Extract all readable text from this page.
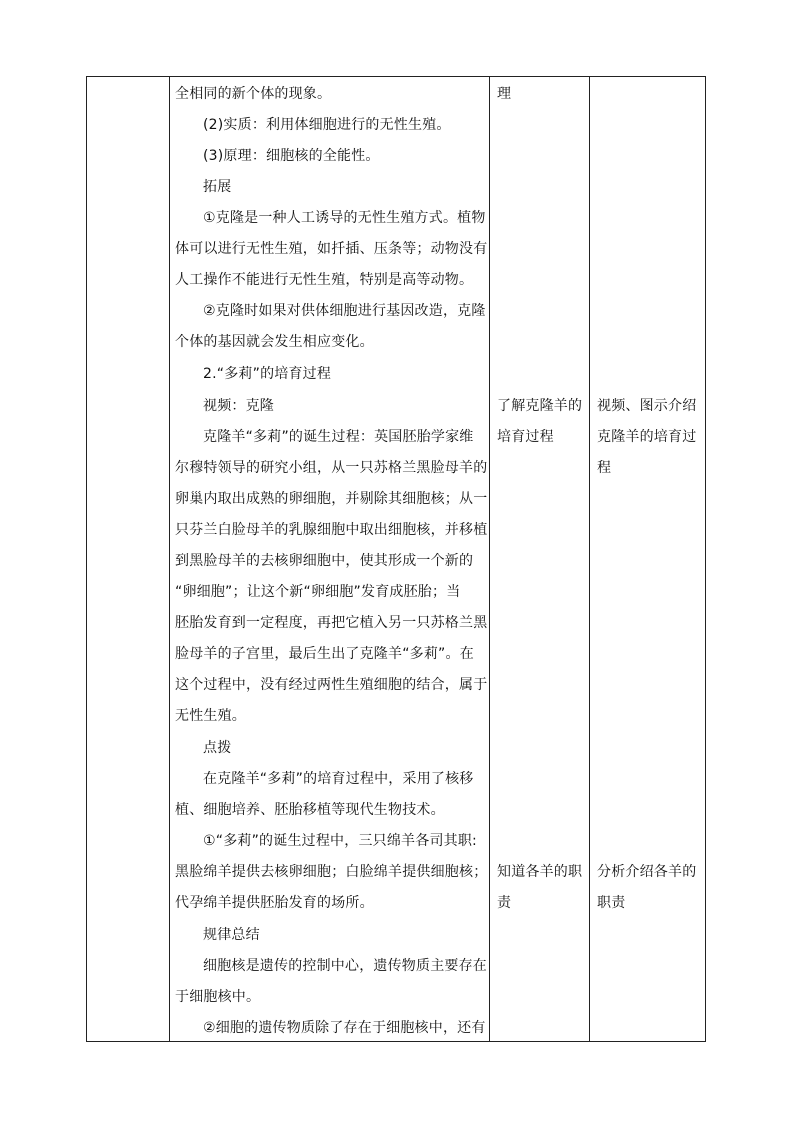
全相同的新个体的现象。
(2)实质：利用体细胞进行的无性生殖。
(3)原理：细胞核的全能性。
拓展
①克隆是一种人工诱导的无性生殖方式。植物
体可以进行无性生殖，如扦插、压条等；动物没有
人工操作不能进行无性生殖，特别是高等动物。
②克隆时如果对供体细胞进行基因改造，克隆
个体的基因就会发生相应变化。
2.“多莉”的培育过程
视频：克隆
克隆羊“多莉”的诞生过程：英国胚胎学家维
尔穆特领导的研究小组，从一只苏格兰黑脸母羊的
卵巢内取出成熟的卵细胞，并剔除其细胞核；从一
只芬兰白脸母羊的乳腺细胞中取出细胞核，并移植
到黑脸母羊的去核卵细胞中，使其形成一个新的
“卵细胞”；让这个新“卵细胞”发育成胚胎；当
胚胎发育到一定程度，再把它植入另一只苏格兰黑
脸母羊的子宫里，最后生出了克隆羊“多莉”。在
这个过程中，没有经过两性生殖细胞的结合，属于
无性生殖。
点拨
在克隆羊“多莉”的培育过程中，采用了核移
植、细胞培养、胚胎移植等现代生物技术。
①“多莉”的诞生过程中，三只绵羊各司其职:
黑脸绵羊提供去核卵细胞；白脸绵羊提供细胞核；
代孕绵羊提供胚胎发育的场所。
规律总结
细胞核是遗传的控制中心，遗传物质主要存在
于细胞核中。
②细胞的遗传物质除了存在于细胞核中，还有
理
了解克隆羊的
培育过程
知道各羊的职
责
视频、图示介绍
克隆羊的培育过
程
分析介绍各羊的
职责
